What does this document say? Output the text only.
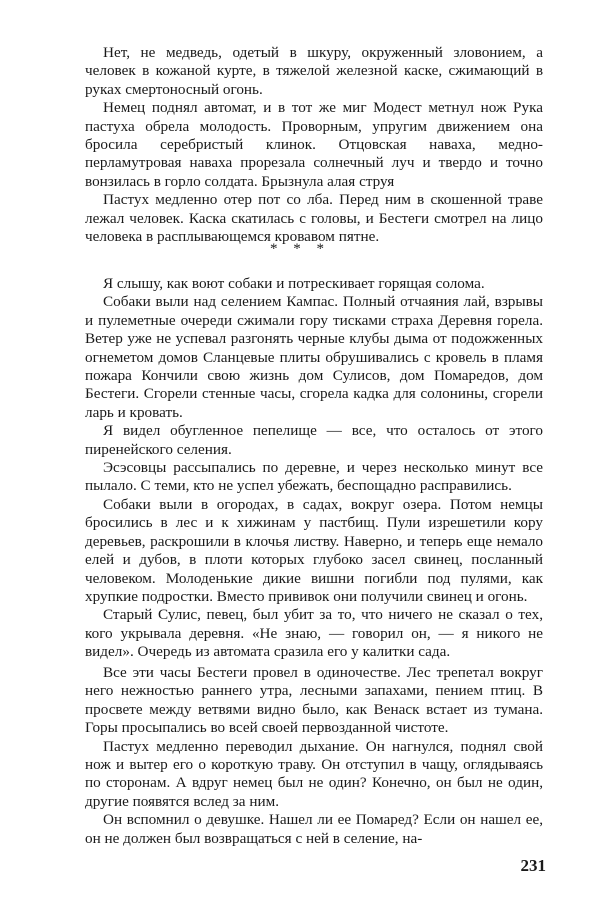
Нет, не медведь, одетый в шкуру, окруженный зловонием, а человек в кожаной курте, в тяжелой железной каске, сжимающий в руках смертоносный огонь.

Немец поднял автомат, и в тот же миг Модест метнул нож Рука пастуха обрела молодость. Проворным, упругим движением она бросила серебристый клинок. Отцовская наваха, медно-перламутровая наваха прорезала солнечный луч и твердо и точно вонзилась в горло солдата. Брызнула алая струя

Пастух медленно отер пот со лба. Перед ним в скошенной траве лежал человек. Каска скатилась с головы, и Бестеги смотрел на лицо человека в расплывающемся кровавом пятне.

* * *

Я слышу, как воют собаки и потрескивает горящая солома.

Собаки выли над селением Кампас. Полный отчаяния лай, взрывы и пулеметные очереди сжимали гору тисками страха Деревня горела. Ветер уже не успевал разгонять черные клубы дыма от подожженных огнеметом домов Сланцевые плиты обрушивались с кровель в пламя пожара Кончили свою жизнь дом Сулисов, дом Помаредов, дом Бестеги. Сгорели стенные часы, сгорела кадка для солонины, сгорели ларь и кровать.

Я видел обугленное пепелище — все, что осталось от этого пиренейского селения.

Эсэсовцы рассыпались по деревне, и через несколько минут все пылало. С теми, кто не успел убежать, беспощадно расправились.

Собаки выли в огородах, в садах, вокруг озера. Потом немцы бросились в лес и к хижинам у пастбищ. Пули изрешетили кору деревьев, раскрошили в клочья листву. Наверно, и теперь еще немало елей и дубов, в плоти которых глубоко засел свинец, посланный человеком. Молоденькие дикие вишни погибли под пулями, как хрупкие подростки. Вместо прививок они получили свинец и огонь.

Старый Сулис, певец, был убит за то, что ничего не сказал о тех, кого укрывала деревня. «Не знаю, — говорил он, — я никого не видел». Очередь из автомата сразила его у калитки сада.

Все эти часы Бестеги провел в одиночестве. Лес трепетал вокруг него нежностью раннего утра, лесными запахами, пением птиц. В просвете между ветвями видно было, как Венаск встает из тумана. Горы просыпались во всей своей первозданной чистоте.

Пастух медленно переводил дыхание. Он нагнулся, поднял свой нож и вытер его о короткую траву. Он отступил в чащу, оглядываясь по сторонам. А вдруг немец был не один? Конечно, он был не один, другие появятся вслед за ним.

Он вспомнил о девушке. Нашел ли ее Помаред? Если он нашел ее, он не должен был возвращаться с ней в селение, на-

231
